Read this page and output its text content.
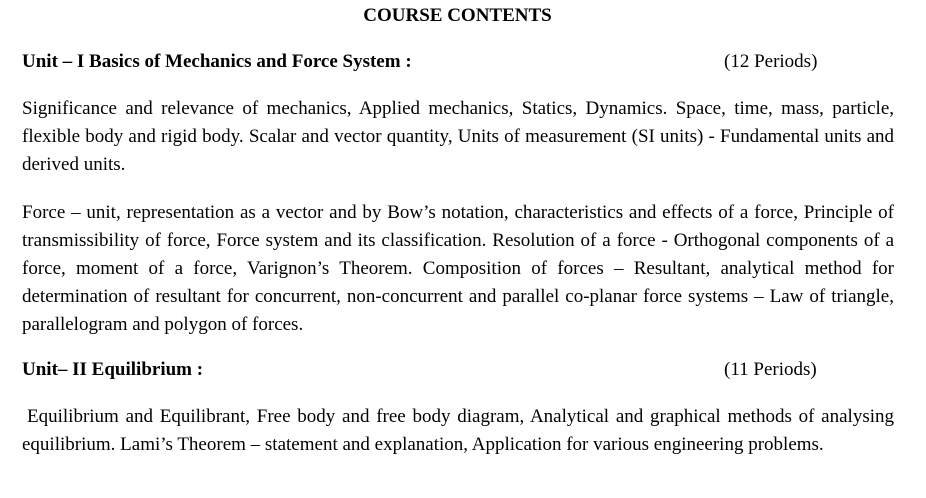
COURSE CONTENTS
Unit – I Basics of Mechanics and Force System :	(12 Periods)

Significance and relevance of mechanics, Applied mechanics, Statics, Dynamics. Space, time, mass, particle, flexible body and rigid body. Scalar and vector quantity, Units of measurement (SI units) - Fundamental units and derived units.

Force – unit, representation as a vector and by Bow’s notation, characteristics and effects of a force, Principle of transmissibility of force, Force system and its classification. Resolution of a force - Orthogonal components of a force, moment of a force, Varignon’s Theorem. Composition of forces – Resultant, analytical method for determination of resultant for concurrent, non-concurrent and parallel co-planar force systems – Law of triangle, parallelogram and polygon of forces.

Unit– II Equilibrium :	(11 Periods)

Equilibrium and Equilibrant, Free body and free body diagram, Analytical and graphical methods of analysing equilibrium. Lami’s Theorem – statement and explanation, Application for various engineering problems.
